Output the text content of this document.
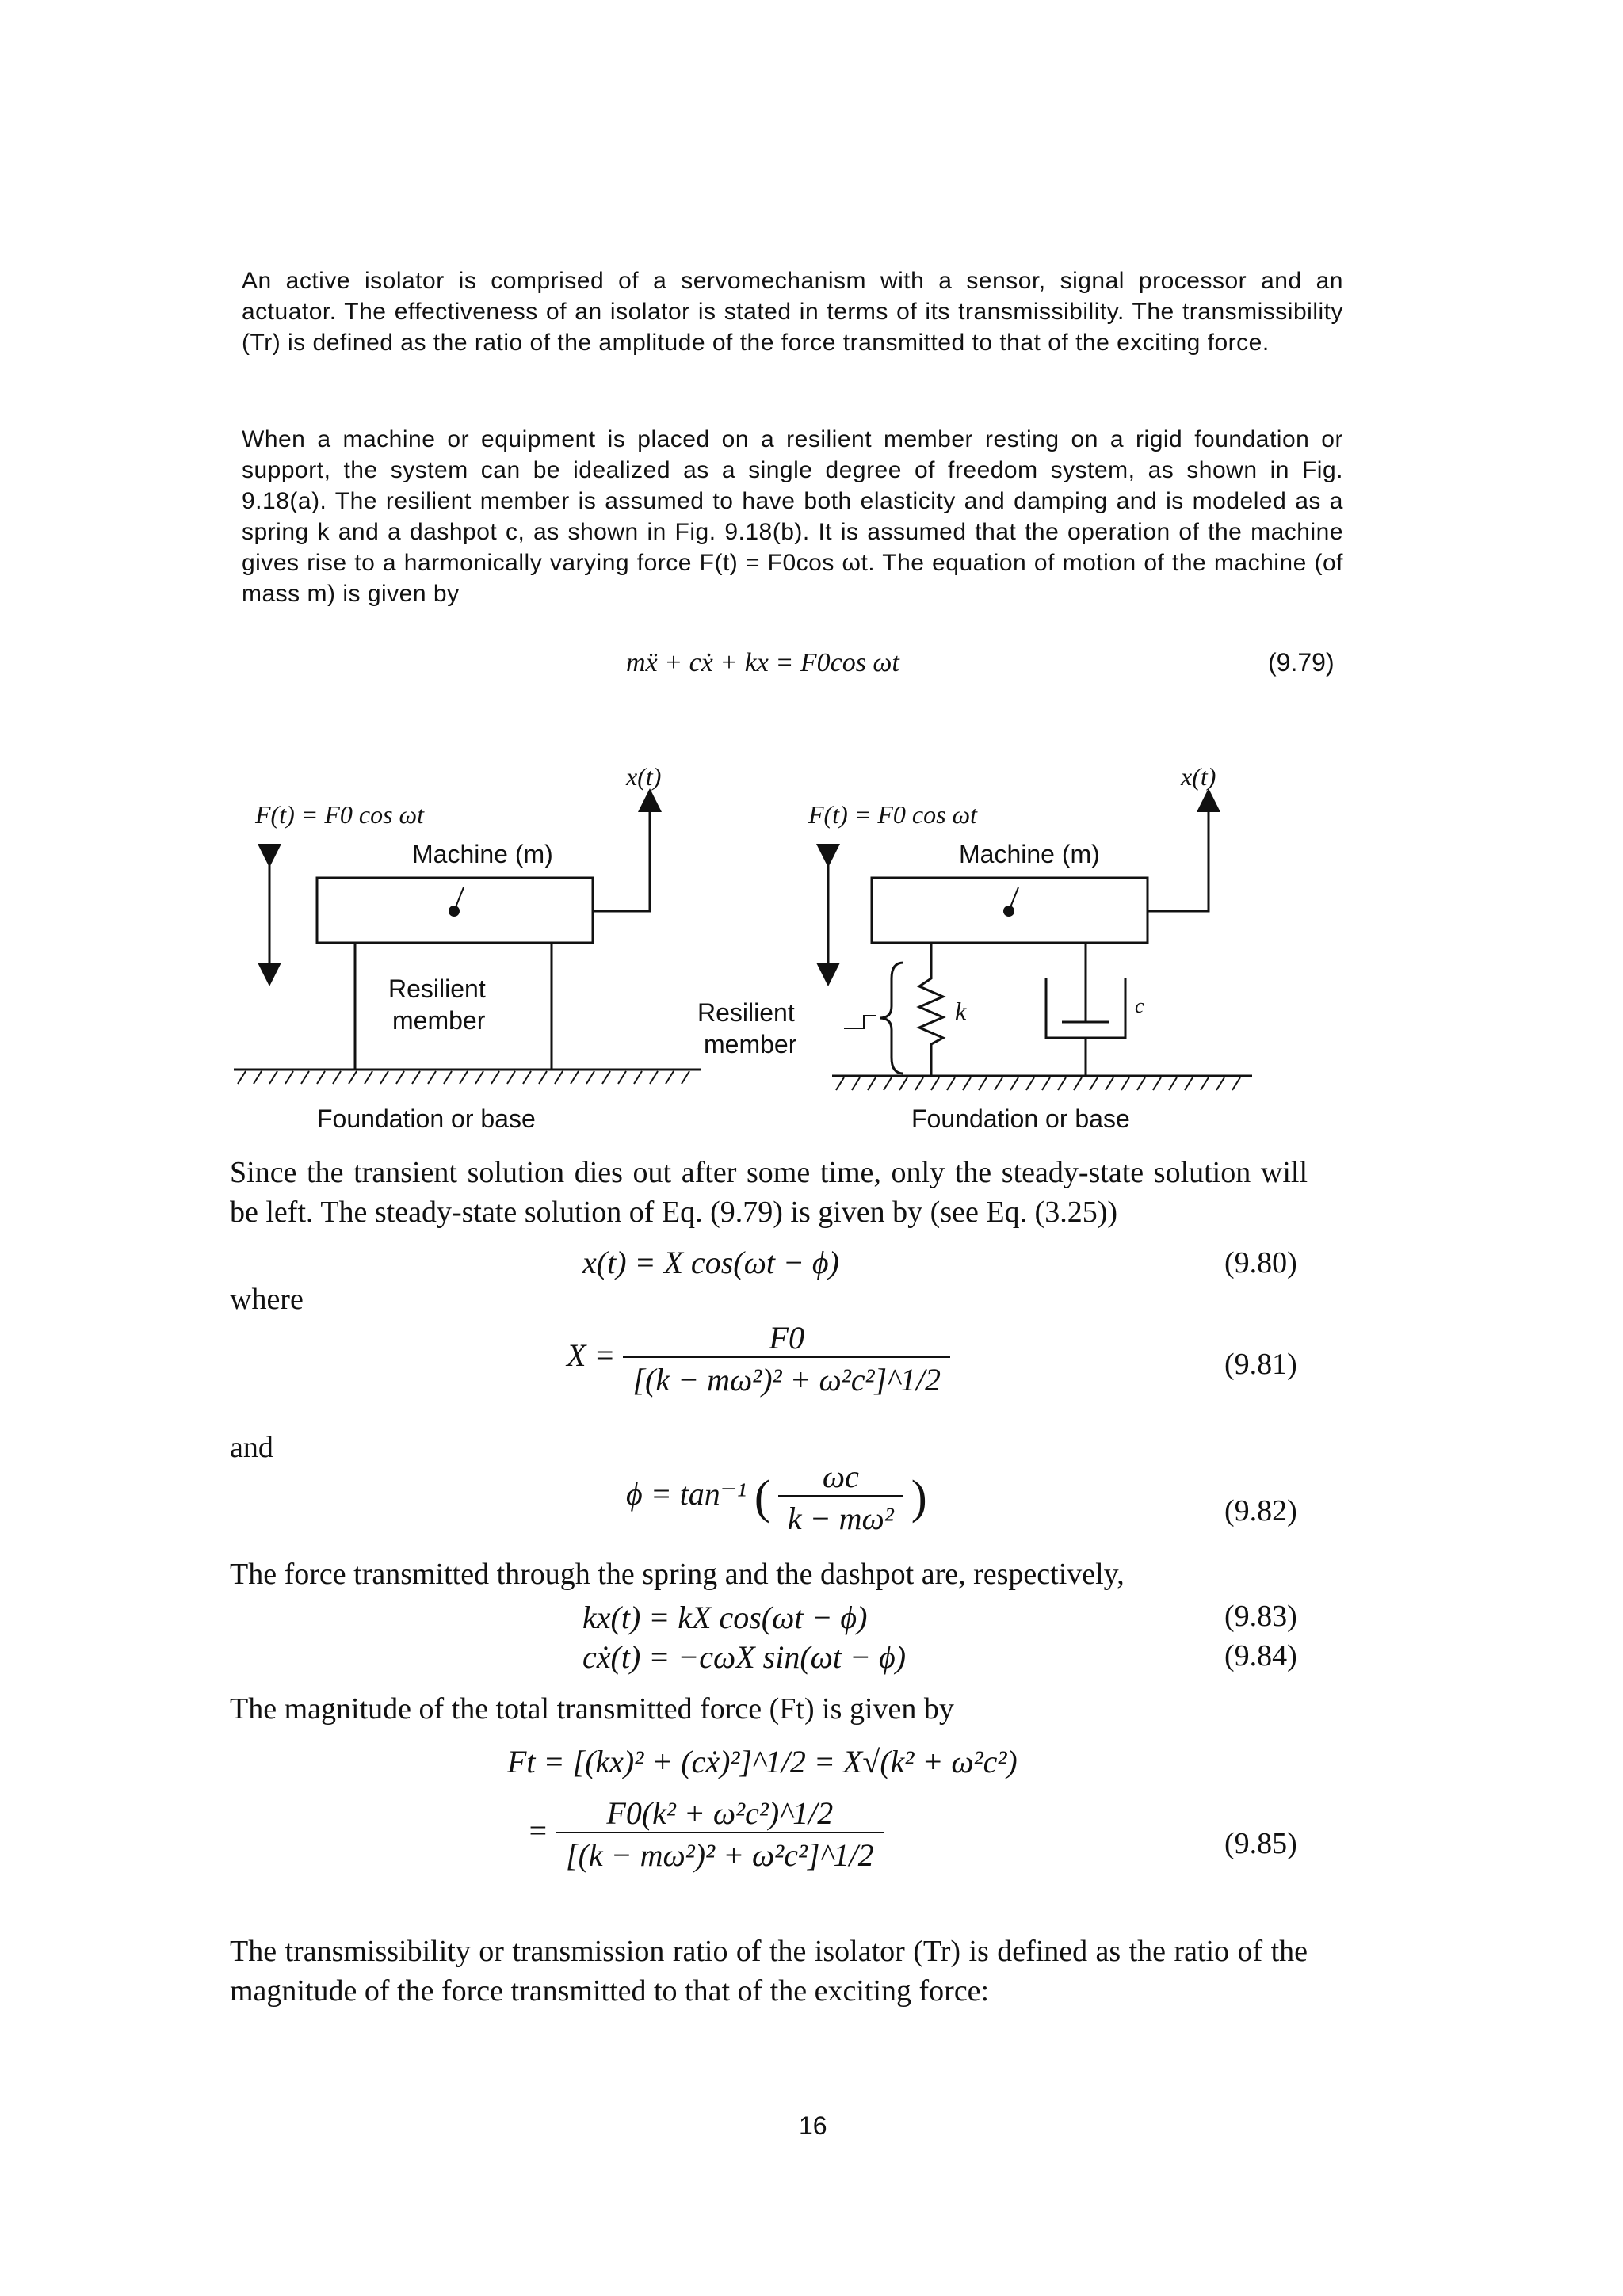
An active isolator is comprised of a servomechanism with a sensor, signal processor and an actuator. The effectiveness of an isolator is stated in terms of its transmissibility. The transmissibility (Tr) is defined as the ratio of the amplitude of the force transmitted to that of the exciting force.

When a machine or equipment is placed on a resilient member resting on a rigid foundation or support, the system can be idealized as a single degree of freedom system, as shown in Fig. 9.18(a). The resilient member is assumed to have both elasticity and damping and is modeled as a spring k and a dashpot c, as shown in Fig. 9.18(b). It is assumed that the operation of the machine gives rise to a harmonically varying force F(t) = F0cos ωt. The equation of motion of the machine (of mass m) is given by

mẍ + cẋ + kx = F0cos ωt	(9.79)
F(t) = F0 cos ωt
x(t)
Machine (m)
Resilient
member
Foundation or base
F(t) = F0 cos ωt
x(t)
Machine (m)
Resilient
member
k	c
Foundation or base

Since the transient solution dies out after some time, only the steady-state solution will be left. The steady-state solution of Eq. (9.79) is given by (see Eq. (3.25))

x(t) = X cos(ωt − ϕ)	(9.80)
where
$X = \frac{F0}{\text{[(k − mω²)² + ω²c²]\textasciicircum{}1/2}}$	(9.81)
and
ϕ = tan⁻¹ ( $\frac{\omega c}{\text{k − mω²}}$ )	(9.82)

The force transmitted through the spring and the dashpot are, respectively,

kx(t) = kX cos(ωt − ϕ)	(9.83)
cẋ(t) = −cωX sin(ωt − ϕ)	(9.84)

The magnitude of the total transmitted force (Ft) is given by

Ft = [(kx)² + (cẋ)²]^1/2 = X√(k² + ω²c²)
= $\frac{\text{F0(k² + ω²c²)\textasciicircum{}1/2}}{\text{[(k − mω²)² + ω²c²]\textasciicircum{}1/2}}$	(9.85)

The transmissibility or transmission ratio of the isolator (Tr) is defined as the ratio of the magnitude of the force transmitted to that of the exciting force:

16
